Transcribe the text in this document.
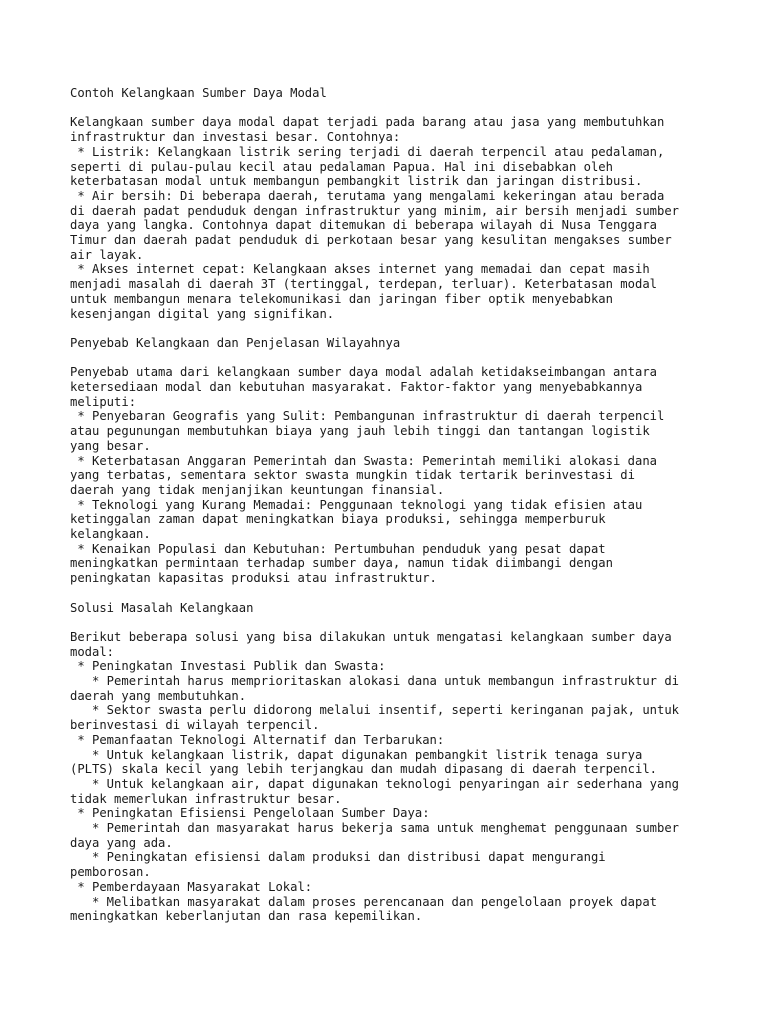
Contoh Kelangkaan Sumber Daya Modal
Kelangkaan sumber daya modal dapat terjadi pada barang atau jasa yang membutuhkan
infrastruktur dan investasi besar. Contohnya:
* Listrik: Kelangkaan listrik sering terjadi di daerah terpencil atau pedalaman,
seperti di pulau-pulau kecil atau pedalaman Papua. Hal ini disebabkan oleh
keterbatasan modal untuk membangun pembangkit listrik dan jaringan distribusi.
* Air bersih: Di beberapa daerah, terutama yang mengalami kekeringan atau berada
di daerah padat penduduk dengan infrastruktur yang minim, air bersih menjadi sumber
daya yang langka. Contohnya dapat ditemukan di beberapa wilayah di Nusa Tenggara
Timur dan daerah padat penduduk di perkotaan besar yang kesulitan mengakses sumber
air layak.
* Akses internet cepat: Kelangkaan akses internet yang memadai dan cepat masih
menjadi masalah di daerah 3T (tertinggal, terdepan, terluar). Keterbatasan modal
untuk membangun menara telekomunikasi dan jaringan fiber optik menyebabkan
kesenjangan digital yang signifikan.
Penyebab Kelangkaan dan Penjelasan Wilayahnya
Penyebab utama dari kelangkaan sumber daya modal adalah ketidakseimbangan antara
ketersediaan modal dan kebutuhan masyarakat. Faktor-faktor yang menyebabkannya
meliputi:
* Penyebaran Geografis yang Sulit: Pembangunan infrastruktur di daerah terpencil
atau pegunungan membutuhkan biaya yang jauh lebih tinggi dan tantangan logistik
yang besar.
* Keterbatasan Anggaran Pemerintah dan Swasta: Pemerintah memiliki alokasi dana
yang terbatas, sementara sektor swasta mungkin tidak tertarik berinvestasi di
daerah yang tidak menjanjikan keuntungan finansial.
* Teknologi yang Kurang Memadai: Penggunaan teknologi yang tidak efisien atau
ketinggalan zaman dapat meningkatkan biaya produksi, sehingga memperburuk
kelangkaan.
* Kenaikan Populasi dan Kebutuhan: Pertumbuhan penduduk yang pesat dapat
meningkatkan permintaan terhadap sumber daya, namun tidak diimbangi dengan
peningkatan kapasitas produksi atau infrastruktur.
Solusi Masalah Kelangkaan
Berikut beberapa solusi yang bisa dilakukan untuk mengatasi kelangkaan sumber daya
modal:
* Peningkatan Investasi Publik dan Swasta:
* Pemerintah harus memprioritaskan alokasi dana untuk membangun infrastruktur di
daerah yang membutuhkan.
* Sektor swasta perlu didorong melalui insentif, seperti keringanan pajak, untuk
berinvestasi di wilayah terpencil.
* Pemanfaatan Teknologi Alternatif dan Terbarukan:
* Untuk kelangkaan listrik, dapat digunakan pembangkit listrik tenaga surya
(PLTS) skala kecil yang lebih terjangkau dan mudah dipasang di daerah terpencil.
* Untuk kelangkaan air, dapat digunakan teknologi penyaringan air sederhana yang
tidak memerlukan infrastruktur besar.
* Peningkatan Efisiensi Pengelolaan Sumber Daya:
* Pemerintah dan masyarakat harus bekerja sama untuk menghemat penggunaan sumber
daya yang ada.
* Peningkatan efisiensi dalam produksi dan distribusi dapat mengurangi
pemborosan.
* Pemberdayaan Masyarakat Lokal:
* Melibatkan masyarakat dalam proses perencanaan dan pengelolaan proyek dapat
meningkatkan keberlanjutan dan rasa kepemilikan.
